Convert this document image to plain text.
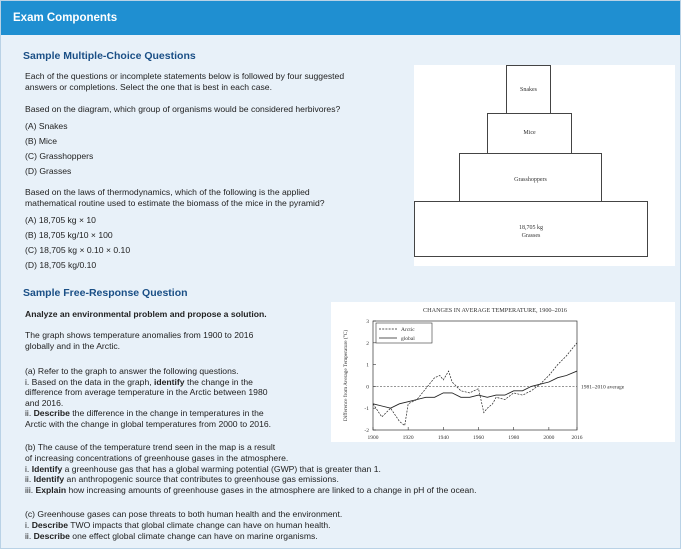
Exam Components
Sample Multiple-Choice Questions
Each of the questions or incomplete statements below is followed by four suggested
answers or completions. Select the one that is best in each case.
Based on the diagram, which group of organisms would be considered herbivores?
(A) Snakes
(B) Mice
(C) Grasshoppers
(D) Grasses
Based on the laws of thermodynamics, which of the following is the applied
mathematical routine used to estimate the biomass of the mice in the pyramid?
(A) 18,705 kg × 10
(B) 18,705 kg/10 × 100
(C) 18,705 kg × 0.10 × 0.10
(D) 18,705 kg/0.10
Snakes
Mice
Grasshoppers
18,705 kg
Grasses
Sample Free-Response Question
Analyze an environmental problem and propose a solution.
The graph shows temperature anomalies from 1900 to 2016
globally and in the Arctic.
(a) Refer to the graph to answer the following questions.
i. Based on the data in the graph, identify the change in the
difference from average temperature in the Arctic between 1980
and 2016.
ii. Describe the difference in the change in temperatures in the
Arctic with the change in global temperatures from 2000 to 2016.
(b) The cause of the temperature trend seen in the map is a result
of increasing concentrations of greenhouse gases in the atmosphere.
i. Identify a greenhouse gas that has a global warming potential (GWP) that is greater than 1.
ii. Identify an anthropogenic source that contributes to greenhouse gas emissions.
iii. Explain how increasing amounts of greenhouse gases in the atmosphere are linked to a change in pH of the ocean.
(c) Greenhouse gases can pose threats to both human health and the environment.
i. Describe TWO impacts that global climate change can have on human health.
ii. Describe one effect global climate change can have on marine organisms.
CHANGES IN AVERAGE TEMPERATURE, 1900–2016
-2
-1
0
1
2
3
1900	1920	1940	1960	1980	2000	2016
Difference from Average Temperature (°C)	1981–2010 average
Arctic
global
